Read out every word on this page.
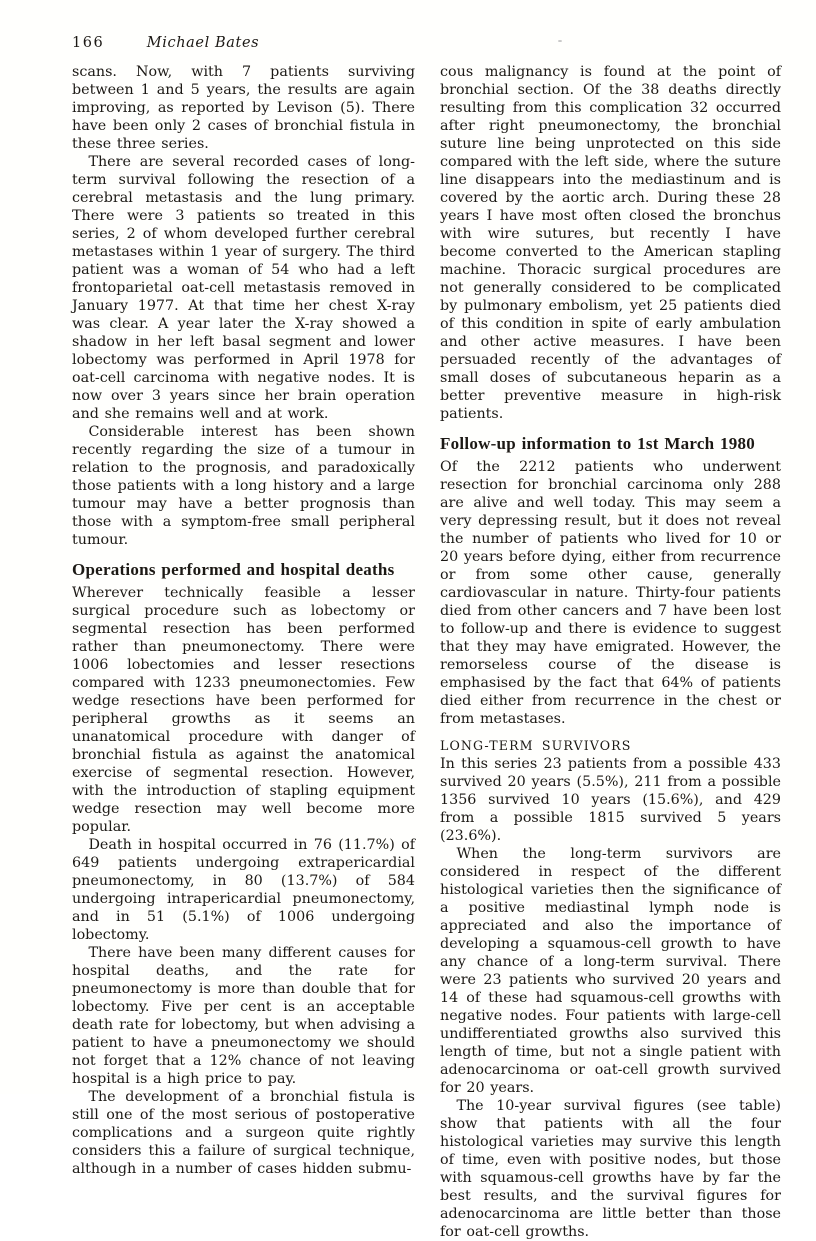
166	Michael Bates

scans. Now, with 7 patients surviving between 1 and 5 years, the results are again improving, as reported by Levison (5). There have been only 2 cases of bronchial fistula in these three series.

There are several recorded cases of long-term survival following the resection of a cerebral metastasis and the lung primary. There were 3 patients so treated in this series, 2 of whom developed further cerebral metastases within 1 year of surgery. The third patient was a woman of 54 who had a left frontoparietal oat-cell metastasis removed in January 1977. At that time her chest X-ray was clear. A year later the X-ray showed a shadow in her left basal segment and lower lobectomy was performed in April 1978 for oat-cell carcinoma with negative nodes. It is now over 3 years since her brain operation and she remains well and at work.

Considerable interest has been shown recently regarding the size of a tumour in relation to the prognosis, and paradoxically those patients with a long history and a large tumour may have a better prognosis than those with a symptom-free small peripheral tumour.

Operations performed and hospital deaths

Wherever technically feasible a lesser surgical procedure such as lobectomy or segmental resection has been performed rather than pneumonectomy. There were 1006 lobectomies and lesser resections compared with 1233 pneumonectomies. Few wedge resections have been performed for peripheral growths as it seems an unanatomical procedure with danger of bronchial fistula as against the anatomical exercise of segmental resection. However, with the introduction of stapling equipment wedge resection may well become more popular.

Death in hospital occurred in 76 (11.7%) of 649 patients undergoing extrapericardial pneumonectomy, in 80 (13.7%) of 584 undergoing intrapericardial pneumonectomy, and in 51 (5.1%) of 1006 undergoing lobectomy.

There have been many different causes for hospital deaths, and the rate for pneumonectomy is more than double that for lobectomy. Five per cent is an acceptable death rate for lobectomy, but when advising a patient to have a pneumonectomy we should not forget that a 12% chance of not leaving hospital is a high price to pay.

The development of a bronchial fistula is still one of the most serious of postoperative complications and a surgeon quite rightly considers this a failure of surgical technique, although in a number of cases hidden submu-

cous malignancy is found at the point of bronchial section. Of the 38 deaths directly resulting from this complication 32 occurred after right pneumonectomy, the bronchial suture line being unprotected on this side compared with the left side, where the suture line disappears into the mediastinum and is covered by the aortic arch. During these 28 years I have most often closed the bronchus with wire sutures, but recently I have become converted to the American stapling machine. Thoracic surgical procedures are not generally considered to be complicated by pulmonary embolism, yet 25 patients died of this condition in spite of early ambulation and other active measures. I have been persuaded recently of the advantages of small doses of subcutaneous heparin as a better preventive measure in high-risk patients.

Follow-up information to 1st March 1980

Of the 2212 patients who underwent resection for bronchial carcinoma only 288 are alive and well today. This may seem a very depressing result, but it does not reveal the number of patients who lived for 10 or 20 years before dying, either from recurrence or from some other cause, generally cardiovascular in nature. Thirty-four patients died from other cancers and 7 have been lost to follow-up and there is evidence to suggest that they may have emigrated. However, the remorseless course of the disease is emphasised by the fact that 64% of patients died either from recurrence in the chest or from metastases.

LONG-TERM SURVIVORS

In this series 23 patients from a possible 433 survived 20 years (5.5%), 211 from a possible 1356 survived 10 years (15.6%), and 429 from a possible 1815 survived 5 years (23.6%).

When the long-term survivors are considered in respect of the different histological varieties then the significance of a positive mediastinal lymph node is appreciated and also the importance of developing a squamous-cell growth to have any chance of a long-term survival. There were 23 patients who survived 20 years and 14 of these had squamous-cell growths with negative nodes. Four patients with large-cell undifferentiated growths also survived this length of time, but not a single patient with adenocarcinoma or oat-cell growth survived for 20 years.

The 10-year survival figures (see table) show that patients with all the four histological varieties may survive this length of time, even with positive nodes, but those with squamous-cell growths have by far the best results, and the survival figures for adenocarcinoma are little better than those for oat-cell growths.
